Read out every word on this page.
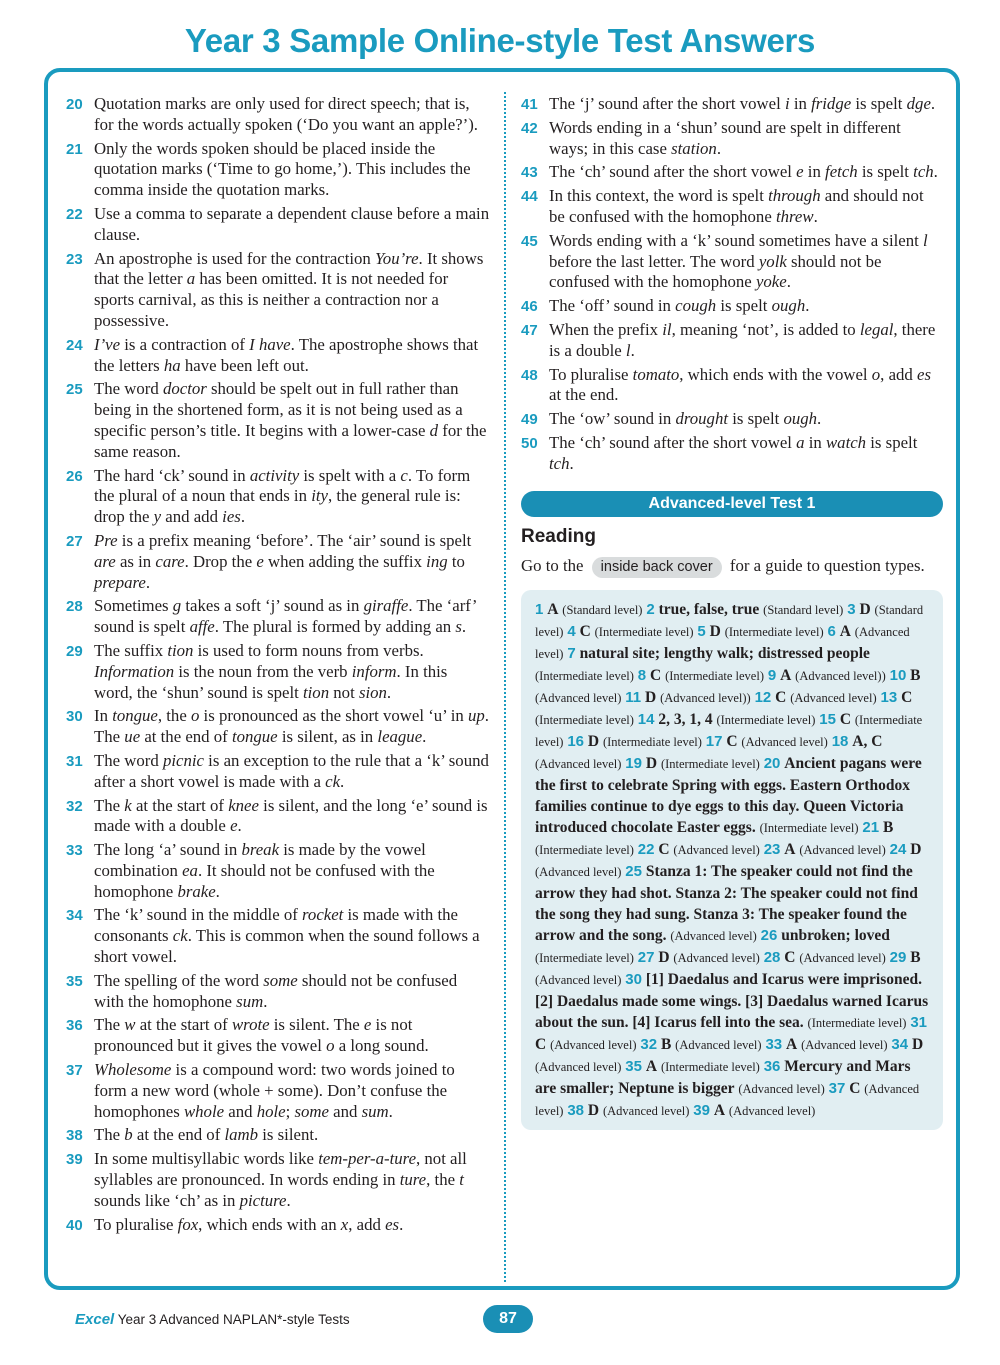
Year 3 Sample Online-style Test Answers
20 Quotation marks are only used for direct speech; that is, for the words actually spoken (‘Do you want an apple?’).
21 Only the words spoken should be placed inside the quotation marks (‘Time to go home,’). This includes the comma inside the quotation marks.
22 Use a comma to separate a dependent clause before a main clause.
23 An apostrophe is used for the contraction You’re. It shows that the letter a has been omitted. It is not needed for sports carnival, as this is neither a contraction nor a possessive.
24 I’ve is a contraction of I have. The apostrophe shows that the letters ha have been left out.
25 The word doctor should be spelt out in full rather than being in the shortened form, as it is not being used as a specific person’s title. It begins with a lower-case d for the same reason.
26 The hard ‘ck’ sound in activity is spelt with a c. To form the plural of a noun that ends in ity, the general rule is: drop the y and add ies.
27 Pre is a prefix meaning ‘before’. The ‘air’ sound is spelt are as in care. Drop the e when adding the suffix ing to prepare.
28 Sometimes g takes a soft ‘j’ sound as in giraffe. The ‘arf’ sound is spelt affe. The plural is formed by adding an s.
29 The suffix tion is used to form nouns from verbs. Information is the noun from the verb inform. In this word, the ‘shun’ sound is spelt tion not sion.
30 In tongue, the o is pronounced as the short vowel ‘u’ in up. The ue at the end of tongue is silent, as in league.
31 The word picnic is an exception to the rule that a ‘k’ sound after a short vowel is made with a ck.
32 The k at the start of knee is silent, and the long ‘e’ sound is made with a double e.
33 The long ‘a’ sound in break is made by the vowel combination ea. It should not be confused with the homophone brake.
34 The ‘k’ sound in the middle of rocket is made with the consonants ck. This is common when the sound follows a short vowel.
35 The spelling of the word some should not be confused with the homophone sum.
36 The w at the start of wrote is silent. The e is not pronounced but it gives the vowel o a long sound.
37 Wholesome is a compound word: two words joined to form a new word (whole + some). Don’t confuse the homophones whole and hole; some and sum.
38 The b at the end of lamb is silent.
39 In some multisyllabic words like tem-per-a-ture, not all syllables are pronounced. In words ending in ture, the t sounds like ‘ch’ as in picture.
40 To pluralise fox, which ends with an x, add es.
41 The ‘j’ sound after the short vowel i in fridge is spelt dge.
42 Words ending in a ‘shun’ sound are spelt in different ways; in this case station.
43 The ‘ch’ sound after the short vowel e in fetch is spelt tch.
44 In this context, the word is spelt through and should not be confused with the homophone threw.
45 Words ending with a ‘k’ sound sometimes have a silent l before the last letter. The word yolk should not be confused with the homophone yoke.
46 The ‘off’ sound in cough is spelt ough.
47 When the prefix il, meaning ‘not’, is added to legal, there is a double l.
48 To pluralise tomato, which ends with the vowel o, add es at the end.
49 The ‘ow’ sound in drought is spelt ough.
50 The ‘ch’ sound after the short vowel a in watch is spelt tch.
Advanced-level Test 1
Reading
Go to the inside back cover for a guide to question types.
1 A (Standard level) 2 true, false, true (Standard level) 3 D (Standard level) 4 C (Intermediate level) 5 D (Intermediate level) 6 A (Advanced level) 7 natural site; lengthy walk; distressed people (Intermediate level) 8 C (Intermediate level) 9 A (Advanced level)) 10 B (Advanced level) 11 D (Advanced level)) 12 C (Advanced level) 13 C (Intermediate level) 14 2, 3, 1, 4 (Intermediate level) 15 C (Intermediate level) 16 D (Intermediate level) 17 C (Advanced level) 18 A, C (Advanced level) 19 D (Intermediate level) 20 Ancient pagans were the first to celebrate Spring with eggs. Eastern Orthodox families continue to dye eggs to this day. Queen Victoria introduced chocolate Easter eggs. (Intermediate level) 21 B (Intermediate level) 22 C (Advanced level) 23 A (Advanced level) 24 D (Advanced level) 25 Stanza 1: The speaker could not find the arrow they had shot. Stanza 2: The speaker could not find the song they had sung. Stanza 3: The speaker found the arrow and the song. (Advanced level) 26 unbroken; loved (Intermediate level) 27 D (Advanced level) 28 C (Advanced level) 29 B (Advanced level) 30 [1] Daedalus and Icarus were imprisoned. [2] Daedalus made some wings. [3] Daedalus warned Icarus about the sun. [4] Icarus fell into the sea. (Intermediate level) 31 C (Advanced level) 32 B (Advanced level) 33 A (Advanced level) 34 D (Advanced level) 35 A (Intermediate level) 36 Mercury and Mars are smaller; Neptune is bigger (Advanced level) 37 C (Advanced level) 38 D (Advanced level) 39 A (Advanced level)
Excel Year 3 Advanced NAPLAN*-style Tests	87
